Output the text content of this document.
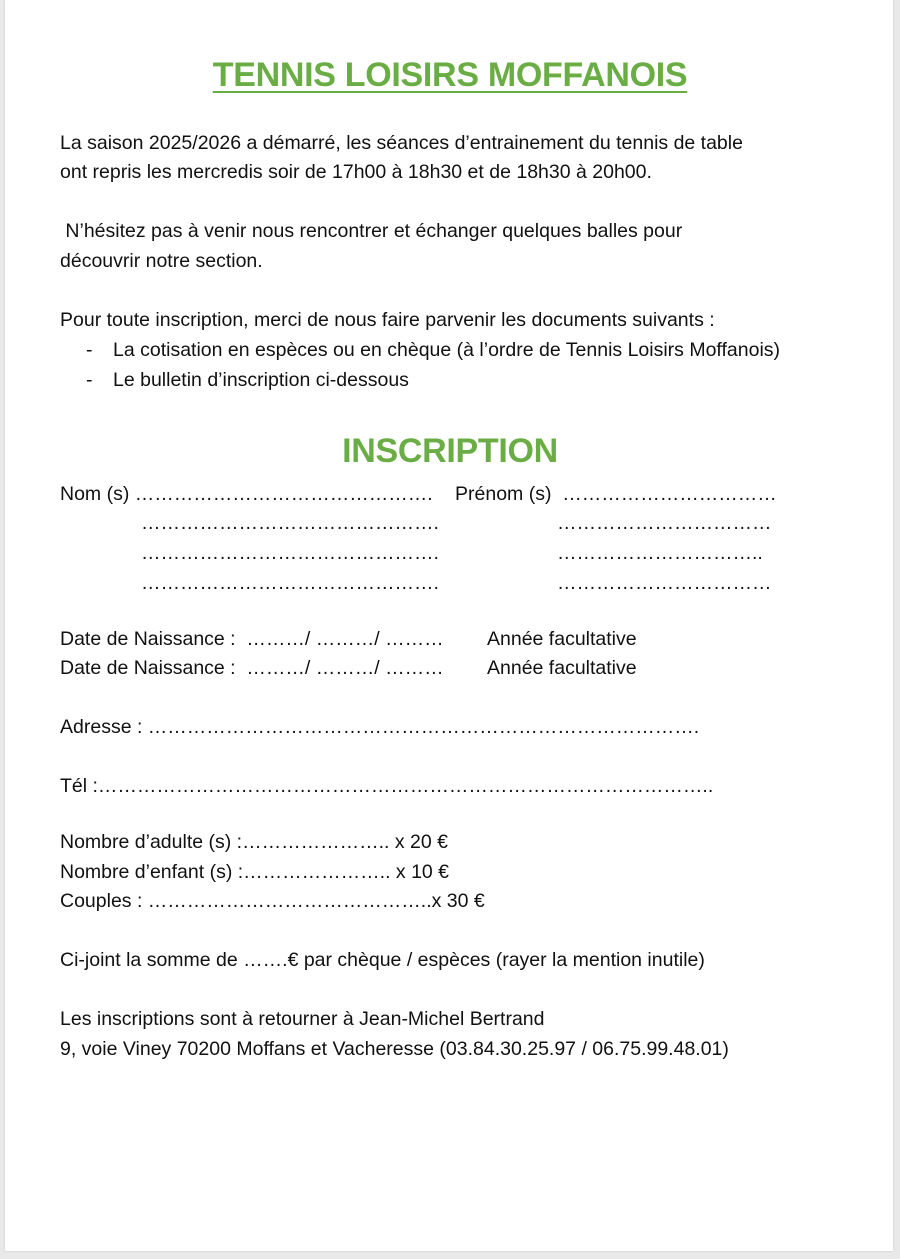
TENNIS LOISIRS MOFFANOIS

La saison 2025/2026 a démarré, les séances d’entrainement du tennis de table

ont repris les mercredis soir de 17h00 à 18h30 et de 18h30 à 20h00.

N’hésitez pas à venir nous rencontrer et échanger quelques balles pour

découvrir notre section.

Pour toute inscription, merci de nous faire parvenir les documents suivants :

- La cotisation en espèces ou en chèque (à l’ordre de Tennis Loisirs Moffanois)

- Le bulletin d’inscription ci-dessous

INSCRIPTION

Nom (s) ……………………………………….

……………………………………….

……………………………………….

……………………………………….

Prénom (s)  ……………………………

……………………………

…………………………..

……………………………

Date de Naissance :  ………/ ………/ ……… Année facultative

Date de Naissance :  ………/ ………/ ……… Année facultative

Adresse : ………………………………………………………………………….

Tél :…………………………………………………………………………………..

Nombre d’adulte (s) :………………….. x 20 €

Nombre d’enfant (s) :………………….. x 10 €

Couples : ……………………………………..x 30 €

Ci-joint la somme de …….€ par chèque / espèces (rayer la mention inutile)

Les inscriptions sont à retourner à Jean-Michel Bertrand

9, voie Viney 70200 Moffans et Vacheresse (03.84.30.25.97 / 06.75.99.48.01)
